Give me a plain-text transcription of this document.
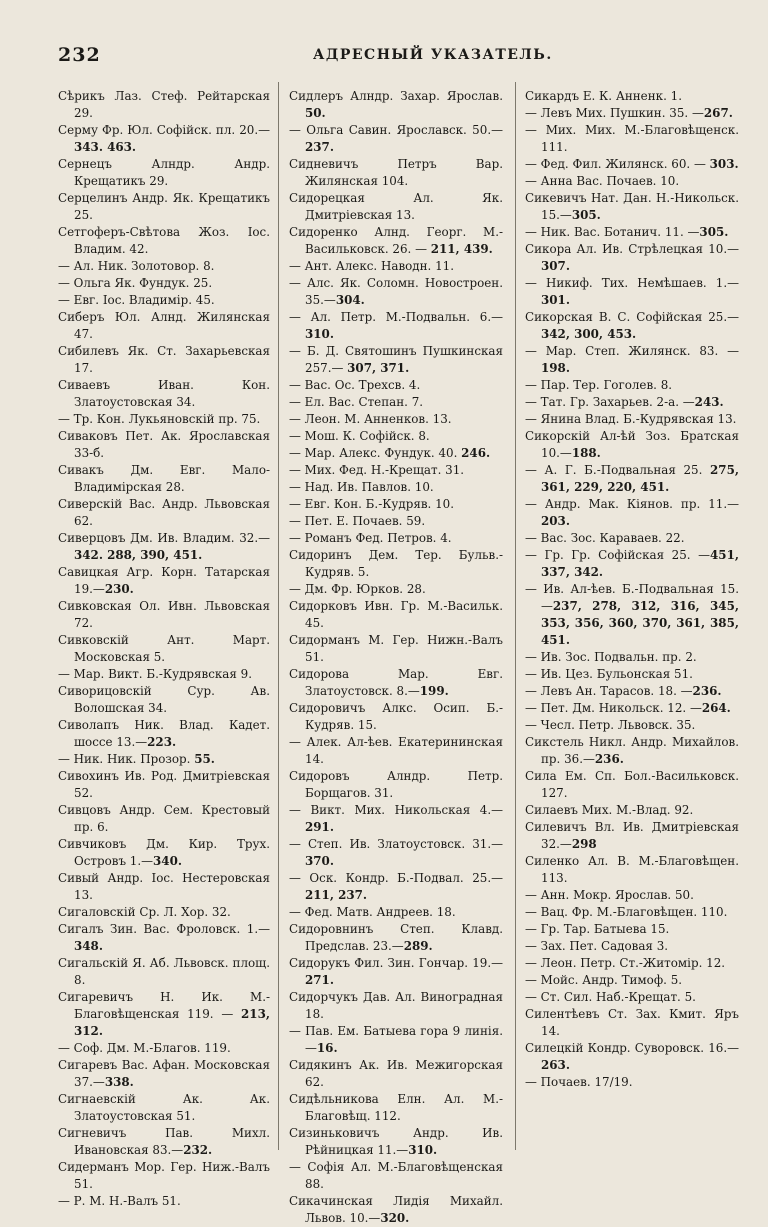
232	АДРЕСНЫЙ УКАЗАТЕЛЬ.
Сѣрикъ Лаз. Стеф. Рейтарская 29.
Серму Фр. Юл. Софійск. пл. 20.—343. 463.
Сернецъ Алндр. Андр. Крещатикъ 29.
Серцелинъ Андр. Як. Крещатикъ 25.
Сетгоферъ-Свѣтова Жоз. Іос. Владим. 42.
— Ал. Ник. Золотовор. 8.
— Ольга Як. Фундук. 25.
— Евг. Іос. Владимір. 45.
Сиберъ Юл. Алнд. Жилянская 47.
Сибилевъ Як. Ст. Захарьевская 17.
Сиваевъ Иван. Кон. Златоустовская 34.
— Тр. Кон. Лукьяновскій пр. 75.
Сиваковъ Пет. Ак. Ярославская 33-б.
Сивакъ Дм. Евг. Мало-Владимірская 28.
Сиверскій Вас. Андр. Львовская 62.
Сиверцовъ Дм. Ив. Владим. 32.—342. 288, 390, 451.
Савицкая Агр. Корн. Татарская 19.—230.
Сивковская Ол. Ивн. Львовская 72.
Сивковскій Ант. Март. Московская 5.
— Мар. Викт. Б.-Кудрявская 9.
Сиворицовскій Сур. Ав. Волошская 34.
Сиволапъ Ник. Влад. Кадет. шоссе 13.—223.
— Ник. Ник. Прозор. 55.
Сивохинъ Ив. Род. Дмитріевская 52.
Сивцовъ Андр. Сем. Крестовый пр. 6.
Сивчиковъ Дм. Кир. Трух. Островъ 1.—340.
Сивый Андр. Іос. Нестеровская 13.
Сигаловскій Ср. Л. Хор. 32.
Сигалъ Зин. Вас. Фроловск. 1.—348.
Сигальскій Я. Аб. Львовск. площ. 8.
Сигаревичъ Н. Ик. М.-Благовѣщенская 119. — 213, 312.
— Соф. Дм. М.-Благов. 119.
Сигаревъ Вас. Афан. Московская 37.—338.
Сигнаевскій Ак. Ак. Златоустовская 51.
Сигневичъ Пав. Михл. Ивановская 83.—232.
Сидерманъ Мор. Гер. Ниж.-Валъ 51.
— Р. М. Н.-Валъ 51.
Сидлеръ Алндр. Захар. Ярослав. 50.
— Ольга Савин. Ярославск. 50.—237.
Сидневичъ Петръ Вар. Жилянская 104.
Сидорецкая Ал. Як. Дмитріевская 13.
Сидоренко Алнд. Георг. М.-Васильковск. 26. — 211, 439.
— Ант. Алекс. Наводн. 11.
— Алс. Як. Соломн. Новостроен. 35.—304.
— Ал. Петр. М.-Подвальн. 6.—310.
— Б. Д. Святошинъ Пушкинская 257.— 307, 371.
— Вас. Ос. Трехсв. 4.
— Ел. Вас. Степан. 7.
— Леон. М. Анненков. 13.
— Мош. К. Софійск. 8.
— Мар. Алекс. Фундук. 40. 246.
— Мих. Фед. Н.-Крещат. 31.
— Над. Ив. Павлов. 10.
— Евг. Кон. Б.-Кудряв. 10.
— Пет. Е. Почаев. 59.
— Романъ Фед. Петров. 4.
Сидоринъ Дем. Тер. Бульв.-Кудряв. 5.
— Дм. Фр. Юрков. 28.
Сидорковъ Ивн. Гр. М.-Васильк. 45.
Сидорманъ М. Гер. Нижн.-Валъ 51.
Сидорова Мар. Евг. Златоустовск. 8.—199.
Сидоровичъ Алкс. Осип. Б.-Кудряв. 15.
— Алек. Ал-ѣев. Екатерининская 14.
Сидоровъ Алндр. Петр. Борщагов. 31.
— Викт. Мих. Никольская 4.—291.
— Степ. Ив. Златоустовск. 31.—370.
— Оск. Кондр. Б.-Подвал. 25.—211, 237.
— Фед. Матв. Андреев. 18.
Сидоровнинъ Степ. Клавд. Предслав. 23.—289.
Сидорукъ Фил. Зин. Гончар. 19.—271.
Сидорчукъ Дав. Ал. Виноградная 18.
— Пав. Ем. Батыева гора 9 линія.—16.
Сидякинъ Ак. Ив. Межигорская 62.
Сидѣльникова Елн. Ал. М.-Благовѣщ. 112.
Сизиньковичъ Андр. Ив. Рѣйницкая 11.—310.
— Софія Ал. М.-Благовѣщенская 88.
Сикачинская Лидія Михайл. Львов. 10.—320.
Сикардъ Е. К. Анненк. 1.
— Левъ Мих. Пушкин. 35. —267.
— Мих. Мих. М.-Благовѣщенск. 111.
— Фед. Фил. Жилянск. 60. — 303.
— Анна Вас. Почаев. 10.
Сикевичъ Нат. Дан. Н.-Никольск. 15.—305.
— Ник. Вас. Ботанич. 11. —305.
Сикора Ал. Ив. Стрѣлецкая 10.—307.
— Никиф. Тих. Немѣшаев. 1.—301.
Сикорская В. С. Софійская 25.—342, 300, 453.
— Мар. Степ. Жилянск. 83. —198.
— Пар. Тер. Гоголев. 8.
— Тат. Гр. Захарьев. 2-а. —243.
— Янина Влад. Б.-Кудрявская 13.
Сикорскій Ал-ѣй Зоз. Братская 10.—188.
— А. Г. Б.-Подвальная 25. 275, 361, 229, 220, 451.
— Андр. Мак. Кіянов. пр. 11.—203.
— Вас. Зос. Караваев. 22.
— Гр. Гр. Софійская 25. —451, 337, 342.
— Ив. Ал-ѣев. Б.-Подвальная 15.—237, 278, 312, 316, 345, 353, 356, 360, 370, 361, 385, 451.
— Ив. Зос. Подвальн. пр. 2.
— Ив. Цез. Бульонская 51.
— Левъ Ан. Тарасов. 18. —236.
— Пет. Дм. Никольск. 12. —264.
— Чесл. Петр. Львовск. 35.
Сикстель Никл. Андр. Михайлов. пр. 36.—236.
Сила Ем. Сп. Бол.-Васильковск. 127.
Силаевъ Мих. М.-Влад. 92.
Силевичъ Вл. Ив. Дмитріевская 32.—298
Силенко Ал. В. М.-Благовѣщен. 113.
— Анн. Мокр. Ярослав. 50.
— Вац. Фр. М.-Благовѣщен. 110.
— Гр. Тар. Батыева 15.
— Зах. Пет. Садовая 3.
— Леон. Петр. Ст.-Житомір. 12.
— Мойс. Андр. Тимоф. 5.
— Ст. Сил. Наб.-Крещат. 5.
Силентѣевъ Ст. Зах. Кмит. Яръ 14.
Силецкій Кондр. Суворовск. 16.—263.
— Почаев. 17/19.
